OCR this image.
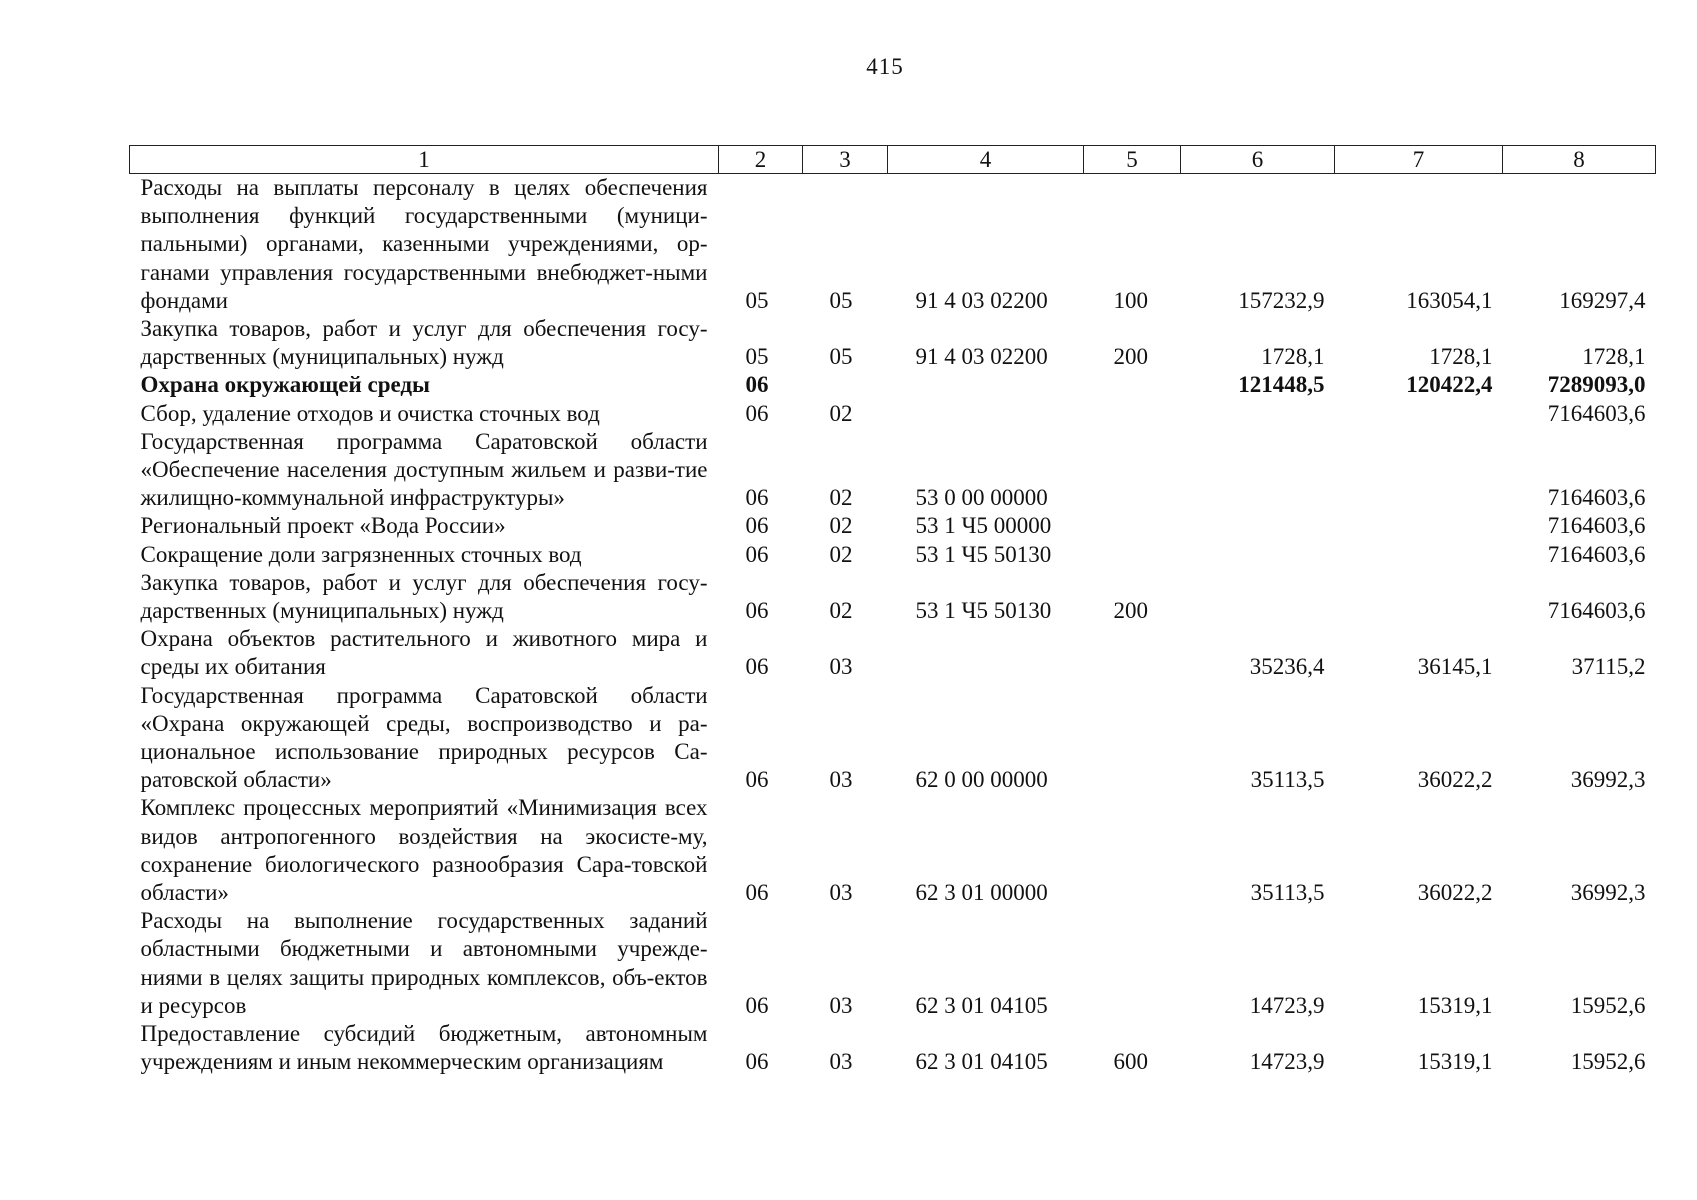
415
1	2	3	4	5	6	7	8
Расходы на выплаты персоналу в целях обеспечения выполнения функций государственными (муници-пальными) органами, казенными учреждениями, ор-ганами управления государственными внебюджет-ными фондами	05	05	91 4 03 02200	100	157232,9	163054,1	169297,4
Закупка товаров, работ и услуг для обеспечения госу-дарственных (муниципальных) нужд	05	05	91 4 03 02200	200	1728,1	1728,1	1728,1
Охрана окружающей среды	06				121448,5	120422,4	7289093,0
Сбор, удаление отходов и очистка сточных вод	06	02					7164603,6
Государственная программа Саратовской области «Обеспечение населения доступным жильем и разви-тие жилищно-коммунальной инфраструктуры»	06	02	53 0 00 00000				7164603,6
Региональный проект «Вода России»	06	02	53 1 Ч5 00000				7164603,6
Сокращение доли загрязненных сточных вод	06	02	53 1 Ч5 50130				7164603,6
Закупка товаров, работ и услуг для обеспечения госу-дарственных (муниципальных) нужд	06	02	53 1 Ч5 50130	200			7164603,6
Охрана объектов растительного и животного мира и среды их обитания	06	03			35236,4	36145,1	37115,2
Государственная программа Саратовской области «Охрана окружающей среды, воспроизводство и ра-циональное использование природных ресурсов Са-ратовской области»	06	03	62 0 00 00000		35113,5	36022,2	36992,3
Комплекс процессных мероприятий «Минимизация всех видов антропогенного воздействия на экосисте-му, сохранение биологического разнообразия Сара-товской области»	06	03	62 3 01 00000		35113,5	36022,2	36992,3
Расходы на выполнение государственных заданий областными бюджетными и автономными учрежде-ниями в целях защиты природных комплексов, объ-ектов и ресурсов	06	03	62 3 01 04105		14723,9	15319,1	15952,6
Предоставление субсидий бюджетным, автономным учреждениям и иным некоммерческим организациям	06	03	62 3 01 04105	600	14723,9	15319,1	15952,6
